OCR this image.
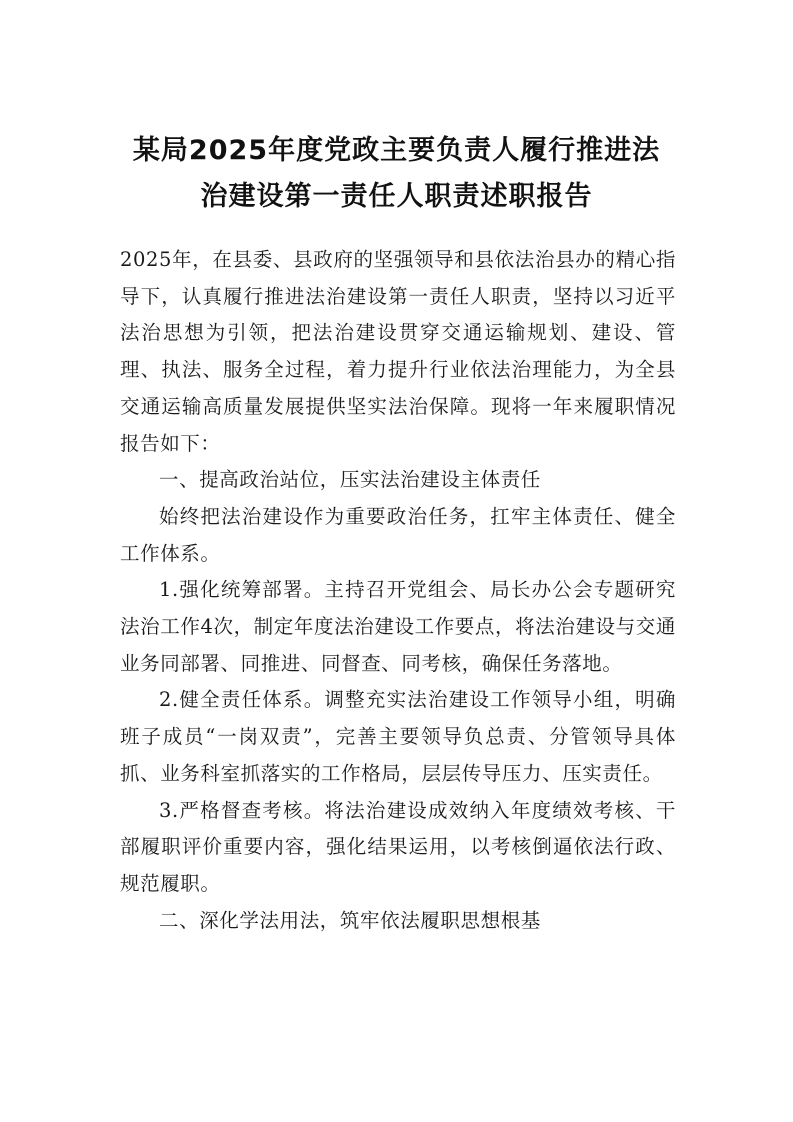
某局2025年度党政主要负责人履行推进法
治建设第一责任人职责述职报告

2025年，在县委、县政府的坚强领导和县依法治县办的精心指导下，认真履行推进法治建设第一责任人职责，坚持以习近平法治思想为引领，把法治建设贯穿交通运输规划、建设、管理、执法、服务全过程，着力提升行业依法治理能力，为全县交通运输高质量发展提供坚实法治保障。现将一年来履职情况报告如下：

一、提高政治站位，压实法治建设主体责任

始终把法治建设作为重要政治任务，扛牢主体责任、健全工作体系。

1.强化统筹部署。主持召开党组会、局长办公会专题研究法治工作4次，制定年度法治建设工作要点，将法治建设与交通业务同部署、同推进、同督查、同考核，确保任务落地。

2.健全责任体系。调整充实法治建设工作领导小组，明确班子成员“一岗双责”，完善主要领导负总责、分管领导具体抓、业务科室抓落实的工作格局，层层传导压力、压实责任。

3.严格督查考核。将法治建设成效纳入年度绩效考核、干部履职评价重要内容，强化结果运用，以考核倒逼依法行政、规范履职。

二、深化学法用法，筑牢依法履职思想根基
